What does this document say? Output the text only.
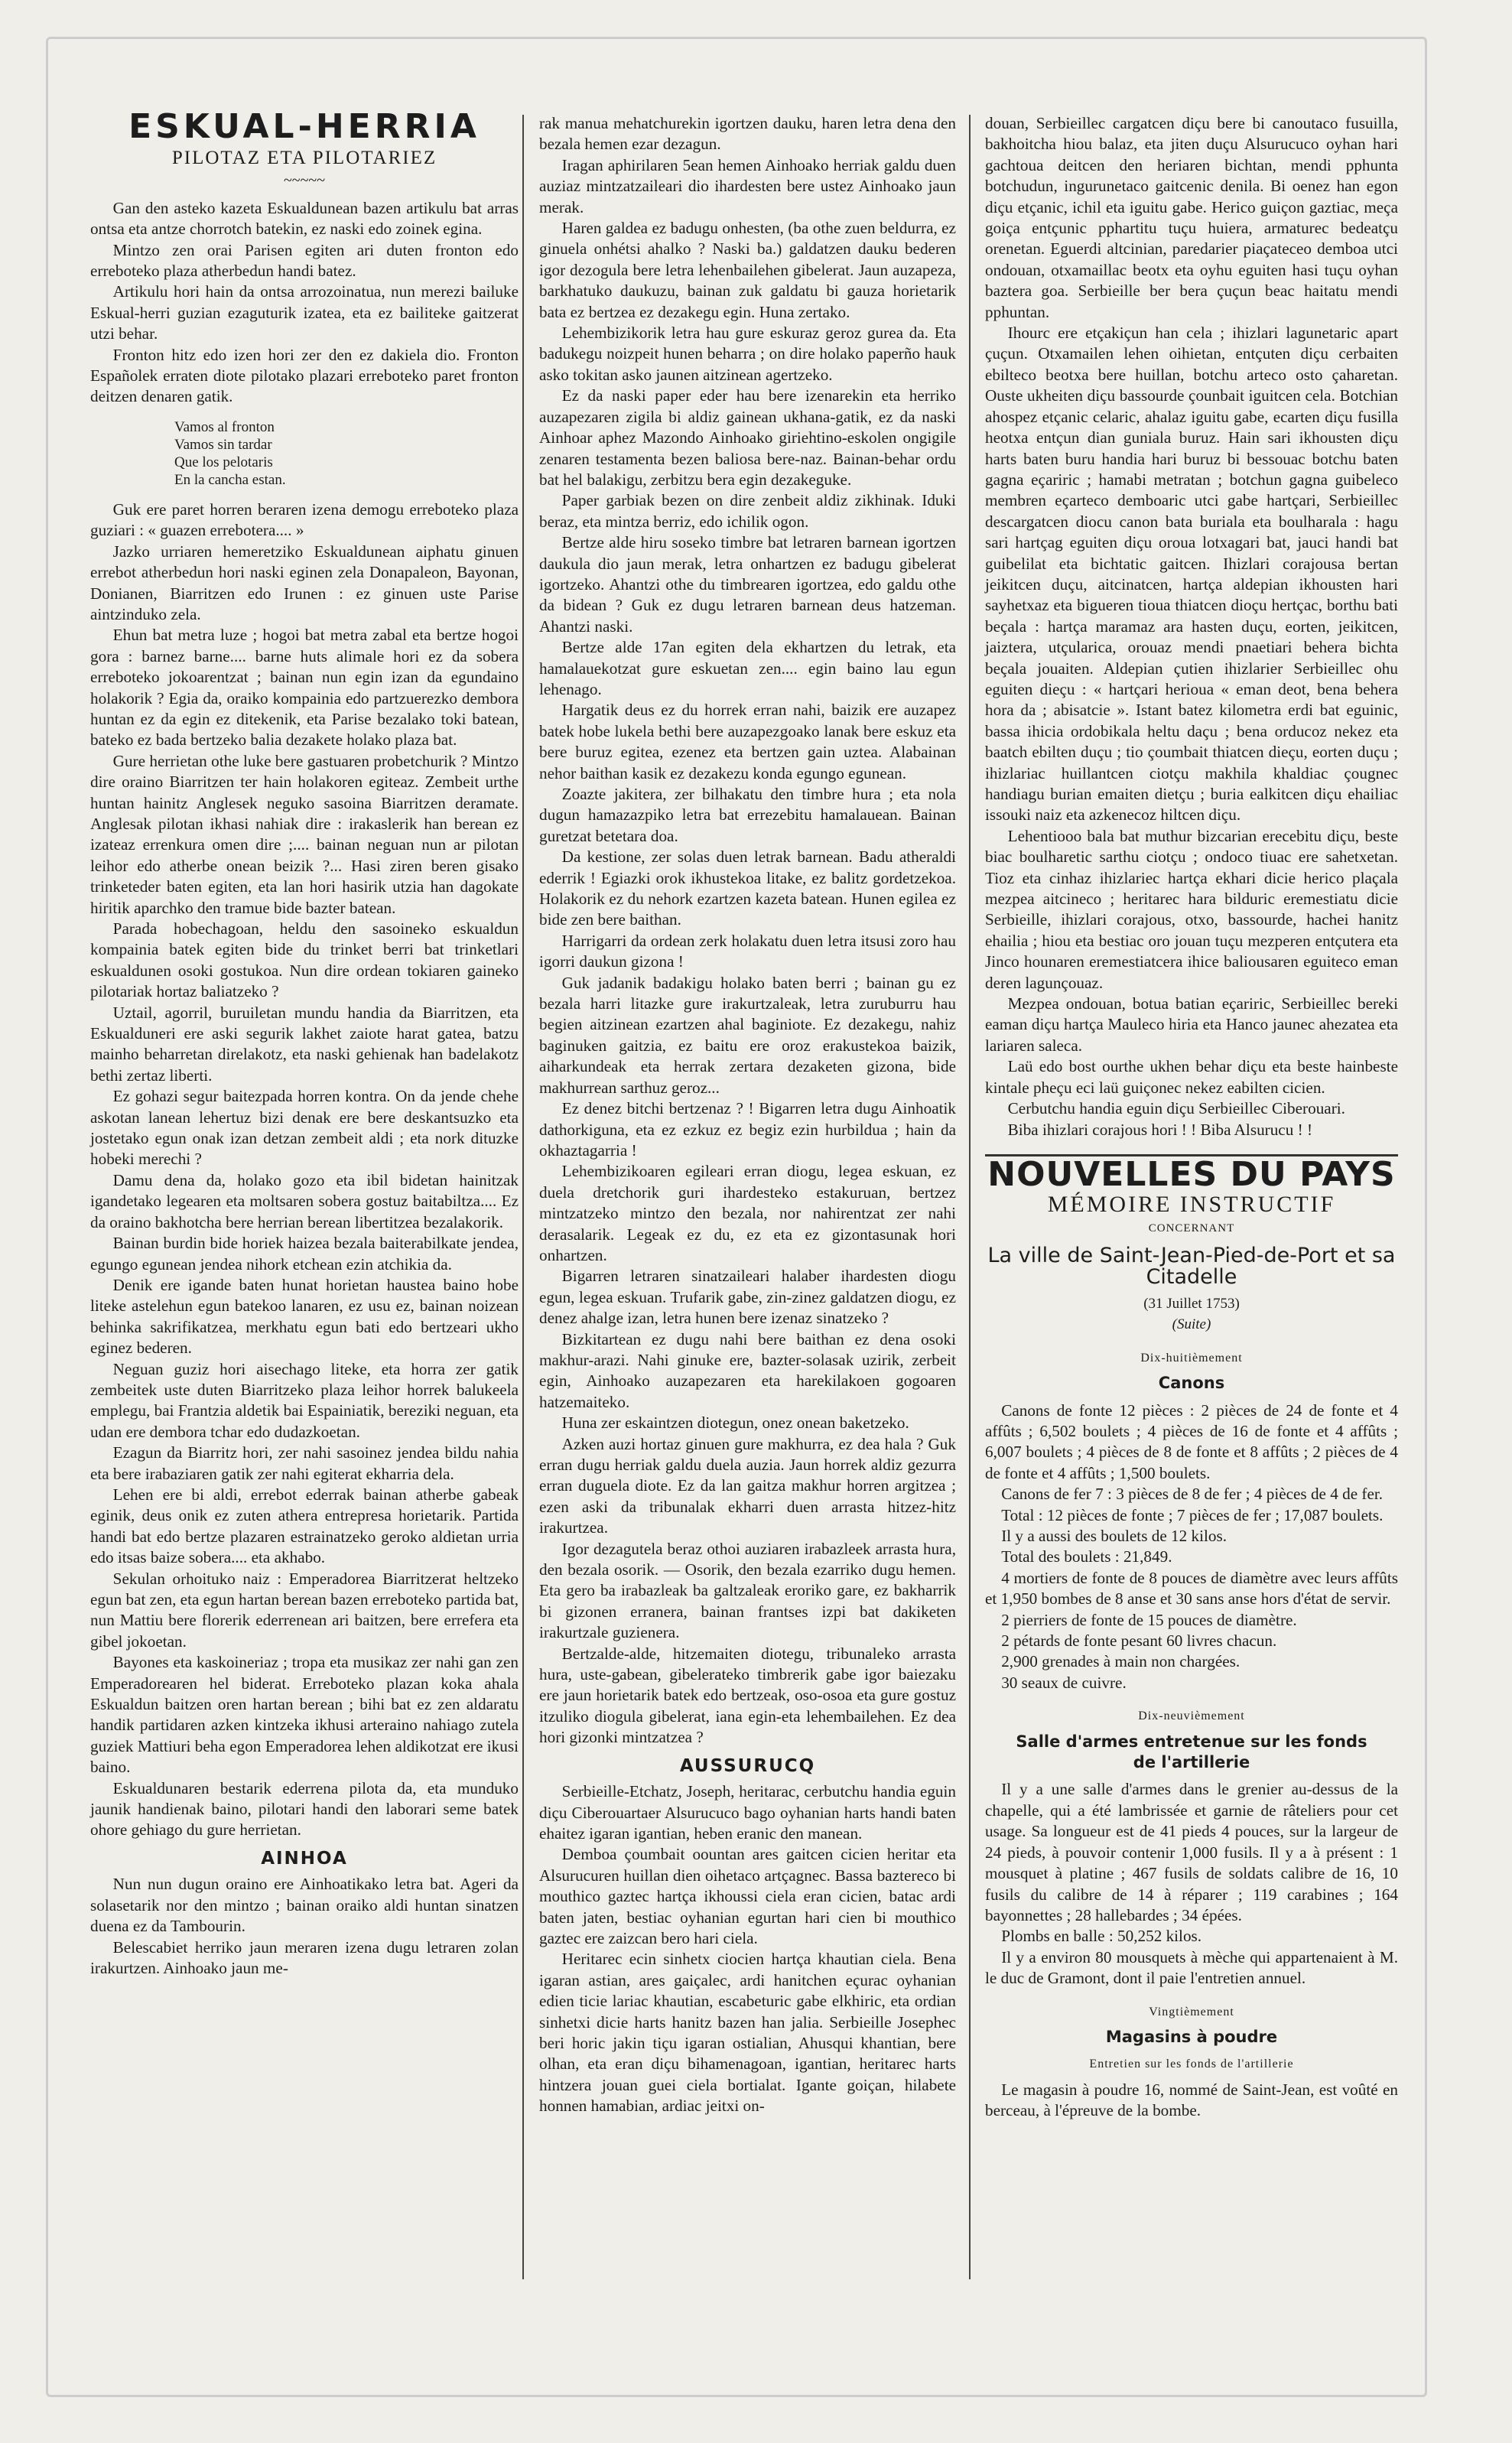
ESKUAL-HERRIA
PILOTAZ ETA PILOTARIEZ
~~~~~

Gan den asteko kazeta Eskualdunean bazen artikulu bat arras ontsa eta antze chorrotch batekin, ez naski edo zoinek egina.

Mintzo zen orai Parisen egiten ari duten fronton edo erreboteko plaza atherbedun handi batez.

Artikulu hori hain da ontsa arrozoinatua, nun merezi bailuke Eskual-herri guzian ezaguturik izatea, eta ez bailiteke gaitzerat utzi behar.

Fronton hitz edo izen hori zer den ez dakiela dio. Fronton Españolek erraten diote pilotako plazari erreboteko paret fronton deitzen denaren gatik.

Vamos al fronton
Vamos sin tardar
Que los pelotaris
En la cancha estan.

Guk ere paret horren beraren izena demogu erreboteko plaza guziari : « guazen errebotera.... »

Jazko urriaren hemeretziko Eskualdunean aiphatu ginuen errebot atherbedun hori naski eginen zela Donapaleon, Bayonan, Donianen, Biarritzen edo Irunen : ez ginuen uste Parise aintzinduko zela.

Ehun bat metra luze ; hogoi bat metra zabal eta bertze hogoi gora : barnez barne.... barne huts alimale hori ez da sobera erreboteko jokoarentzat ; bainan nun egin izan da egundaino holakorik ? Egia da, oraiko kompainia edo partzuerezko dembora huntan ez da egin ez ditekenik, eta Parise bezalako toki batean, bateko ez bada bertzeko balia dezakete holako plaza bat.

Gure herrietan othe luke bere gastuaren probetchurik ? Mintzo dire oraino Biarritzen ter hain holakoren egiteaz. Zembeit urthe huntan hainitz Anglesek neguko sasoina Biarritzen deramate. Anglesak pilotan ikhasi nahiak dire : irakaslerik han berean ez izateaz errenkura omen dire ;.... bainan neguan nun ar pilotan leihor edo atherbe onean beizik ?... Hasi ziren beren gisako trinketeder baten egiten, eta lan hori hasirik utzia han dagokate hiritik aparchko den tramue bide bazter batean.

Parada hobechagoan, heldu den sasoineko eskualdun kompainia batek egiten bide du trinket berri bat trinketlari eskualdunen osoki gostukoa. Nun dire ordean tokiaren gaineko pilotariak hortaz baliatzeko ?

Uztail, agorril, buruiletan mundu handia da Biarritzen, eta Eskualduneri ere aski segurik lakhet zaiote harat gatea, batzu mainho beharretan direlakotz, eta naski gehienak han badelakotz bethi zertaz liberti.

Ez gohazi segur baitezpada horren kontra. On da jende chehe askotan lanean lehertuz bizi denak ere bere deskantsuzko eta jostetako egun onak izan detzan zembeit aldi ; eta nork dituzke hobeki merechi ?

Damu dena da, holako gozo eta ibil bidetan hainitzak igandetako legearen eta moltsaren sobera gostuz baitabiltza.... Ez da oraino bakhotcha bere herrian berean libertitzea bezalakorik.

Bainan burdin bide horiek haizea bezala baiterabilkate jendea, egungo egunean jendea nihork etchean ezin atchikia da.

Denik ere igande baten hunat horietan haustea baino hobe liteke astelehun egun batekoo lanaren, ez usu ez, bainan noizean behinka sakrifikatzea, merkhatu egun bati edo bertzeari ukho eginez bederen.

Neguan guziz hori aisechago liteke, eta horra zer gatik zembeitek uste duten Biarritzeko plaza leihor horrek balukeela emplegu, bai Frantzia aldetik bai Espainiatik, bereziki neguan, eta udan ere dembora tchar edo dudazkoetan.

Ezagun da Biarritz hori, zer nahi sasoinez jendea bildu nahia eta bere irabaziaren gatik zer nahi egiterat ekharria dela.

Lehen ere bi aldi, errebot ederrak bainan atherbe gabeak eginik, deus onik ez zuten athera entrepresa horietarik. Partida handi bat edo bertze plazaren estrainatzeko geroko aldietan urria edo itsas baize sobera.... eta akhabo.

Sekulan orhoituko naiz : Emperadorea Biarritzerat heltzeko egun bat zen, eta egun hartan berean bazen erreboteko partida bat, nun Mattiu bere florerik ederrenean ari baitzen, bere errefera eta gibel jokoetan.

Bayones eta kaskoineriaz ; tropa eta musikaz zer nahi gan zen Emperadorearen hel biderat. Erreboteko plazan koka ahala Eskualdun baitzen oren hartan berean ; bihi bat ez zen aldaratu handik partidaren azken kintzeka ikhusi arteraino nahiago zutela guziek Mattiuri beha egon Emperadorea lehen aldikotzat ere ikusi baino.

Eskualdunaren bestarik ederrena pilota da, eta munduko jaunik handienak baino, pilotari handi den laborari seme batek ohore gehiago du gure herrietan.

AINHOA

Nun nun dugun oraino ere Ainhoatikako letra bat. Ageri da solasetarik nor den mintzo ; bainan oraiko aldi huntan sinatzen duena ez da Tambourin.

Belescabiet herriko jaun meraren izena dugu letraren zolan irakurtzen. Ainhoako jaun me-

rak manua mehatchurekin igortzen dauku, haren letra dena den bezala hemen ezar dezagun.

Iragan aphirilaren 5ean hemen Ainhoako herriak galdu duen auziaz mintzatzaileari dio ihardesten bere ustez Ainhoako jaun merak.

Haren galdea ez badugu onhesten, (ba othe zuen beldurra, ez ginuela onhétsi ahalko ? Naski ba.) galdatzen dauku bederen igor dezogula bere letra lehenbailehen gibelerat. Jaun auzapeza, barkhatuko daukuzu, bainan zuk galdatu bi gauza horietarik bata ez bertzea ez dezakegu egin. Huna zertako.

Lehembizikorik letra hau gure eskuraz geroz gurea da. Eta badukegu noizpeit hunen beharra ; on dire holako paperño hauk asko tokitan asko jaunen aitzinean agertzeko.

Ez da naski paper eder hau bere izenarekin eta herriko auzapezaren zigila bi aldiz gainean ukhana-gatik, ez da naski Ainhoar aphez Mazondo Ainhoako giriehtino-eskolen ongigile zenaren testamenta bezen baliosa bere-naz. Bainan-behar ordu bat hel balakigu, zerbitzu bera egin dezakeguke.

Paper garbiak bezen on dire zenbeit aldiz zikhinak. Iduki beraz, eta mintza berriz, edo ichilik ogon.

Bertze alde hiru soseko timbre bat letraren barnean igortzen daukula dio jaun merak, letra onhartzen ez badugu gibelerat igortzeko. Ahantzi othe du timbrearen igortzea, edo galdu othe da bidean ? Guk ez dugu letraren barnean deus hatzeman. Ahantzi naski.

Bertze alde 17an egiten dela ekhartzen du letrak, eta hamalauekotzat gure eskuetan zen.... egin baino lau egun lehenago.

Hargatik deus ez du horrek erran nahi, baizik ere auzapez batek hobe lukela bethi bere auzapezgoako lanak bere eskuz eta bere buruz egitea, ezenez eta bertzen gain uztea. Alabainan nehor baithan kasik ez dezakezu konda egungo egunean.

Zoazte jakitera, zer bilhakatu den timbre hura ; eta nola dugun hamazazpiko letra bat errezebitu hamalauean. Bainan guretzat betetara doa.

Da kestione, zer solas duen letrak barnean. Badu atheraldi ederrik ! Egiazki orok ikhustekoa litake, ez balitz gordetzekoa. Holakorik ez du nehork ezartzen kazeta batean. Hunen egilea ez bide zen bere baithan.

Harrigarri da ordean zerk holakatu duen letra itsusi zoro hau igorri daukun gizona !

Guk jadanik badakigu holako baten berri ; bainan gu ez bezala harri litazke gure irakurtzaleak, letra zuruburru hau begien aitzinean ezartzen ahal baginiote. Ez dezakegu, nahiz baginuken gaitzia, ez baitu ere oroz erakustekoa baizik, aiharkundeak eta herrak zertara dezaketen gizona, bide makhurrean sarthuz geroz...

Ez denez bitchi bertzenaz ? ! Bigarren letra dugu Ainhoatik dathorkiguna, eta ez ezkuz ez begiz ezin hurbildua ; hain da okhaztagarria !

Lehembizikoaren egileari erran diogu, legea eskuan, ez duela dretchorik guri ihardesteko estakuruan, bertzez mintzatzeko mintzo den bezala, nor nahirentzat zer nahi derasalarik. Legeak ez du, ez eta ez gizontasunak hori onhartzen.

Bigarren letraren sinatzaileari halaber ihardesten diogu egun, legea eskuan. Trufarik gabe, zin-zinez galdatzen diogu, ez denez ahalge izan, letra hunen bere izenaz sinatzeko ?

Bizkitartean ez dugu nahi bere baithan ez dena osoki makhur-arazi. Nahi ginuke ere, bazter-solasak uzirik, zerbeit egin, Ainhoako auzapezaren eta harekilakoen gogoaren hatzemaiteko.

Huna zer eskaintzen diotegun, onez onean baketzeko.

Azken auzi hortaz ginuen gure makhurra, ez dea hala ? Guk erran dugu herriak galdu duela auzia. Jaun horrek aldiz gezurra erran duguela diote. Ez da lan gaitza makhur horren argitzea ; ezen aski da tribunalak ekharri duen arrasta hitzez-hitz irakurtzea.

Igor dezagutela beraz othoi auziaren irabazleek arrasta hura, den bezala osorik. — Osorik, den bezala ezarriko dugu hemen. Eta gero ba irabazleak ba galtzaleak eroriko gare, ez bakharrik bi gizonen erranera, bainan frantses izpi bat dakiketen irakurtzale guzienera.

Bertzalde-alde, hitzemaiten diotegu, tribunaleko arrasta hura, uste-gabean, gibelerateko timbrerik gabe igor baiezaku ere jaun horietarik batek edo bertzeak, oso-osoa eta gure gostuz itzuliko diogula gibelerat, iana egin-eta lehembailehen. Ez dea hori gizonki mintzatzea ?

AUSSURUCQ

Serbieille-Etchatz, Joseph, heritarac, cerbutchu handia eguin diçu Ciberouartaer Alsurucuco bago oyhanian harts handi baten ehaitez igaran igantian, heben eranic den manean.

Demboa çoumbait oountan ares gaitcen cicien heritar eta Alsurucuren huillan dien oihetaco artçagnec. Bassa baztereco bi mouthico gaztec hartça ikhoussi ciela eran cicien, batac ardi baten jaten, bestiac oyhanian egurtan hari cien bi mouthico gaztec ere zaizcan bero hari ciela.

Heritarec ecin sinhetx ciocien hartça khautian ciela. Bena igaran astian, ares gaiçalec, ardi hanitchen eçurac oyhanian edien ticie lariac khautian, escabeturic gabe elkhiric, eta ordian sinhetxi dicie harts hanitz bazen han jalia. Serbieille Josephec beri horic jakin tiçu igaran ostialian, Ahusqui khantian, bere olhan, eta eran diçu bihamenagoan, igantian, heritarec harts hintzera jouan guei ciela bortialat. Igante goiçan, hilabete honnen hamabian, ardiac jeitxi on-

douan, Serbieillec cargatcen diçu bere bi canoutaco fusuilla, bakhoitcha hiou balaz, eta jiten duçu Alsurucuco oyhan hari gachtoua deitcen den heriaren bichtan, mendi pphunta botchudun, ingurunetaco gaitcenic denila. Bi oenez han egon diçu etçanic, ichil eta iguitu gabe. Herico guiçon gaztiac, meça goiça entçunic pphartitu tuçu huiera, armaturec bedeatçu orenetan. Eguerdi altcinian, paredarier piaçateceo demboa utci ondouan, otxamaillac beotx eta oyhu eguiten hasi tuçu oyhan baztera goa. Serbieille ber bera çuçun beac haitatu mendi pphuntan.

Ihourc ere etçakiçun han cela ; ihizlari lagunetaric apart çuçun. Otxamailen lehen oihietan, entçuten diçu cerbaiten ebilteco beotxa bere huillan, botchu arteco osto çaharetan. Ouste ukheiten diçu bassourde çounbait iguitcen cela. Botchian ahospez etçanic celaric, ahalaz iguitu gabe, ecarten diçu fusilla heotxa entçun dian guniala buruz. Hain sari ikhousten diçu harts baten buru handia hari buruz bi bessouac botchu baten gagna eçariric ; hamabi metratan ; botchun gagna guibeleco membren eçarteco demboaric utci gabe hartçari, Serbieillec descargatcen diocu canon bata buriala eta boulharala : hagu sari hartçag eguiten diçu oroua lotxagari bat, jauci handi bat guibelilat eta bichtatic gaitcen. Ihizlari corajousa bertan jeikitcen duçu, aitcinatcen, hartça aldepian ikhousten hari sayhetxaz eta bigueren tioua thiatcen dioçu hertçac, borthu bati beçala : hartça maramaz ara hasten duçu, eorten, jeikitcen, jaiztera, utçularica, orouaz mendi pnaetiari behera bichta beçala jouaiten. Aldepian çutien ihizlarier Serbieillec ohu eguiten dieçu : « hartçari herioua « eman deot, bena behera hora da ; abisatcie ». Istant batez kilometra erdi bat eguinic, bassa ihicia ordobikala heltu daçu ; bena orducoz nekez eta baatch ebilten duçu ; tio çoumbait thiatcen dieçu, eorten duçu ; ihizlariac huillantcen ciotçu makhila khaldiac çougnec handiagu burian emaiten dietçu ; buria ealkitcen diçu ehailiac issouki naiz eta azkenecoz hiltcen diçu.

Lehentiooo bala bat muthur bizcarian erecebitu diçu, beste biac boulharetic sarthu ciotçu ; ondoco tiuac ere sahetxetan. Tioz eta cinhaz ihizlariec hartça ekhari dicie herico plaçala mezpea aitcineco ; heritarec hara bilduric eremestiatu dicie Serbieille, ihizlari corajous, otxo, bassourde, hachei hanitz ehailia ; hiou eta bestiac oro jouan tuçu mezperen entçutera eta Jinco hounaren eremestiatcera ihice baliousaren eguiteco eman deren lagunçouaz.

Mezpea ondouan, botua batian eçariric, Serbieillec bereki eaman diçu hartça Mauleco hiria eta Hanco jaunec ahezatea eta lariaren saleca.

Laü edo bost ourthe ukhen behar diçu eta beste hainbeste kintale pheçu eci laü guiçonec nekez eabilten cicien.

Cerbutchu handia eguin diçu Serbieillec Ciberouari.

Biba ihizlari corajous hori ! ! Biba Alsurucu ! !

NOUVELLES DU PAYS
MÉMOIRE INSTRUCTIF
CONCERNANT
La ville de Saint-Jean-Pied-de-Port et sa Citadelle
(31 Juillet 1753)
(Suite)
Dix-huitièmement
Canons

Canons de fonte 12 pièces : 2 pièces de 24 de fonte et 4 affûts ; 6,502 boulets ; 4 pièces de 16 de fonte et 4 affûts ; 6,007 boulets ; 4 pièces de 8 de fonte et 8 affûts ; 2 pièces de 4 de fonte et 4 affûts ; 1,500 boulets.

Canons de fer 7 : 3 pièces de 8 de fer ; 4 pièces de 4 de fer.

Total : 12 pièces de fonte ; 7 pièces de fer ; 17,087 boulets.

Il y a aussi des boulets de 12 kilos.

Total des boulets : 21,849.

4 mortiers de fonte de 8 pouces de diamètre avec leurs affûts et 1,950 bombes de 8 anse et 30 sans anse hors d'état de servir.

2 pierriers de fonte de 15 pouces de diamètre.

2 pétards de fonte pesant 60 livres chacun.

2,900 grenades à main non chargées.

30 seaux de cuivre.

Dix-neuvièmement
Salle d'armes entretenue sur les fonds
de l'artillerie

Il y a une salle d'armes dans le grenier au-dessus de la chapelle, qui a été lambrissée et garnie de râteliers pour cet usage. Sa longueur est de 41 pieds 4 pouces, sur la largeur de 24 pieds, à pouvoir contenir 1,000 fusils. Il y a à présent : 1 mousquet à platine ; 467 fusils de soldats calibre de 16, 10 fusils du calibre de 14 à réparer ; 119 carabines ; 164 bayonnettes ; 28 hallebardes ; 34 épées.

Plombs en balle : 50,252 kilos.

Il y a environ 80 mousquets à mèche qui appartenaient à M. le duc de Gramont, dont il paie l'entretien annuel.

Vingtièmement
Magasins à poudre
Entretien sur les fonds de l'artillerie

Le magasin à poudre 16, nommé de Saint-Jean, est voûté en berceau, à l'épreuve de la bombe.
